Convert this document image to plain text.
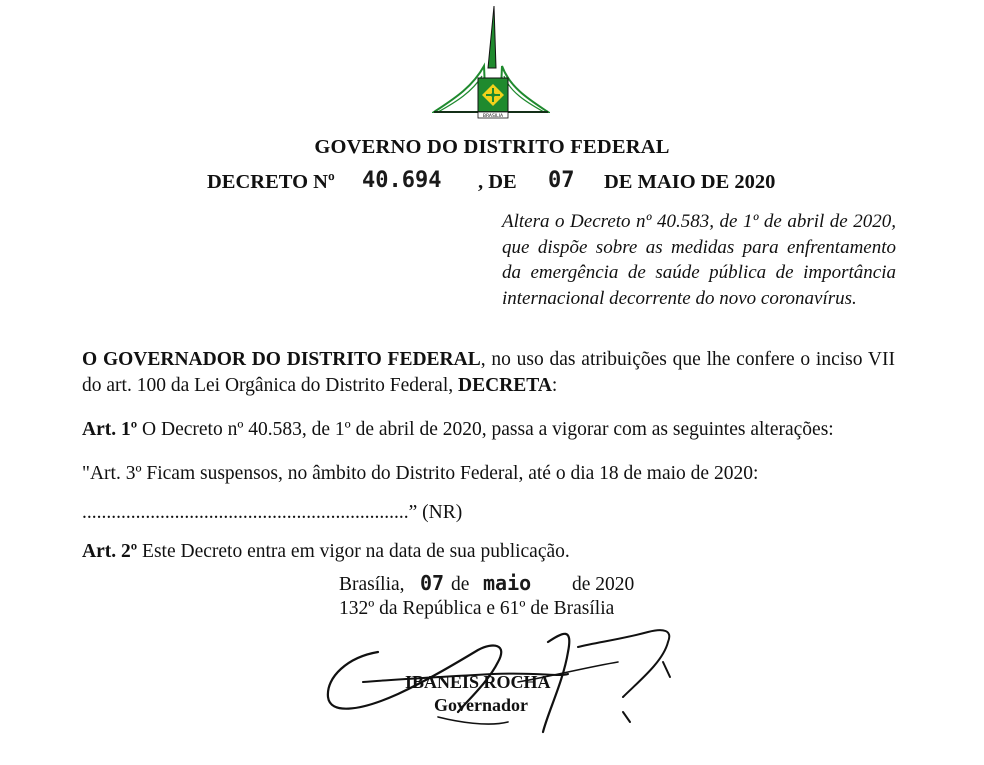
BRASILIA
GOVERNO DO DISTRITO FEDERAL
DECRETO Nº 40.694 , DE 07 DE MAIO DE 2020
Altera o Decreto nº 40.583, de 1º de abril de 2020, que dispõe sobre as medidas para enfrentamento da emergência de saúde pública de importância internacional decorrente do novo coronavírus.
O GOVERNADOR DO DISTRITO FEDERAL, no uso das atribuições que lhe confere o inciso VII do art. 100 da Lei Orgânica do Distrito Federal, DECRETA:
Art. 1º O Decreto nº 40.583, de 1º de abril de 2020, passa a vigorar com as seguintes alterações:
"Art. 3º Ficam suspensos, no âmbito do Distrito Federal, até o dia 18 de maio de 2020:
...................................................................” (NR)
Art. 2º Este Decreto entra em vigor na data de sua publicação.
Brasília, 07 de maio de 2020
132º da República e 61º de Brasília
IBANEIS ROCHA
Governador
